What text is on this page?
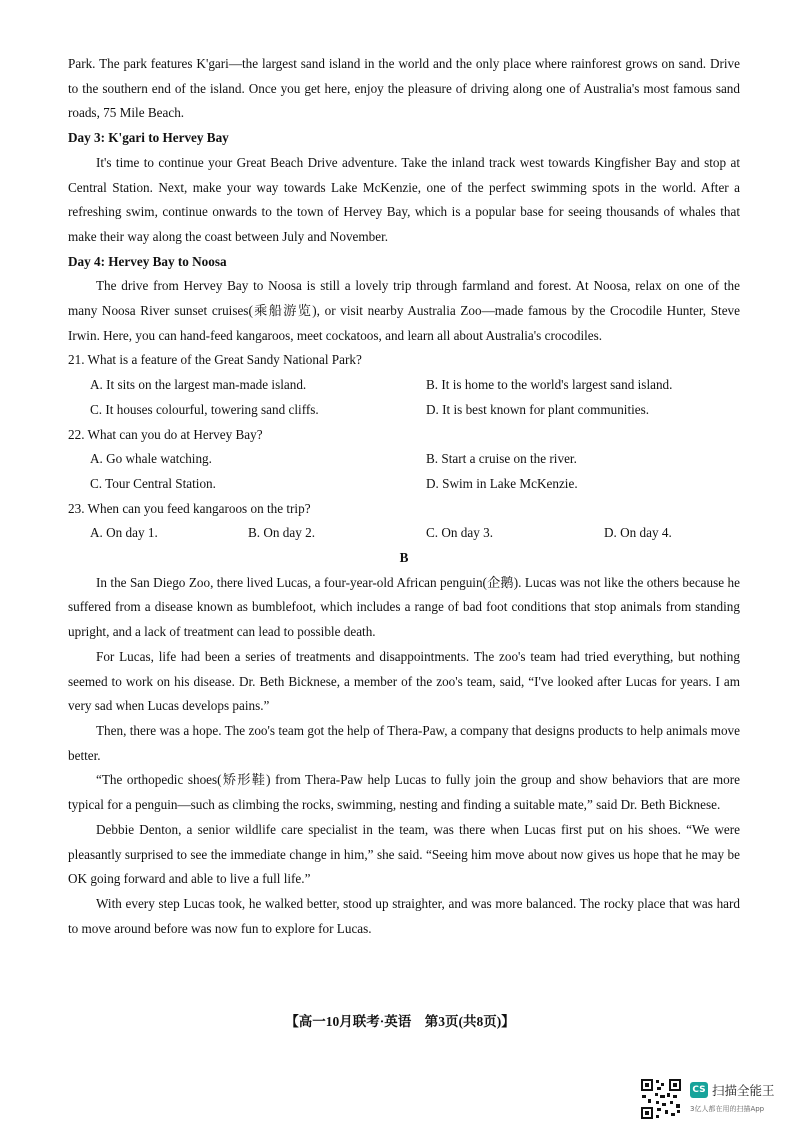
Park. The park features K'gari—the largest sand island in the world and the only place where rainforest grows on sand. Drive to the southern end of the island. Once you get here, enjoy the pleasure of driving along one of Australia's most famous sand roads, 75 Mile Beach.

Day 3: K'gari to Hervey Bay

It's time to continue your Great Beach Drive adventure. Take the inland track west towards Kingfisher Bay and stop at Central Station. Next, make your way towards Lake McKenzie, one of the perfect swimming spots in the world. After a refreshing swim, continue onwards to the town of Hervey Bay, which is a popular base for seeing thousands of whales that make their way along the coast between July and November.

Day 4: Hervey Bay to Noosa

The drive from Hervey Bay to Noosa is still a lovely trip through farmland and forest. At Noosa, relax on one of the many Noosa River sunset cruises(乘船游览), or visit nearby Australia Zoo—made famous by the Crocodile Hunter, Steve Irwin. Here, you can hand-feed kangaroos, meet cockatoos, and learn all about Australia's crocodiles.

21. What is a feature of the Great Sandy National Park?
A. It sits on the largest man-made island.	B. It is home to the world's largest sand island.
C. It houses colourful, towering sand cliffs.	D. It is best known for plant communities.
22. What can you do at Hervey Bay?
A. Go whale watching.	B. Start a cruise on the river.
C. Tour Central Station.	D. Swim in Lake McKenzie.
23. When can you feed kangaroos on the trip?
A. On day 1.	B. On day 2.	C. On day 3.	D. On day 4.
B

In the San Diego Zoo, there lived Lucas, a four-year-old African penguin(企鹅). Lucas was not like the others because he suffered from a disease known as bumblefoot, which includes a range of bad foot conditions that stop animals from standing upright, and a lack of treatment can lead to possible death.

For Lucas, life had been a series of treatments and disappointments. The zoo's team had tried everything, but nothing seemed to work on his disease. Dr. Beth Bicknese, a member of the zoo's team, said, “I've looked after Lucas for years. I am very sad when Lucas develops pains.”

Then, there was a hope. The zoo's team got the help of Thera-Paw, a company that designs products to help animals move better.

“The orthopedic shoes(矫形鞋) from Thera-Paw help Lucas to fully join the group and show behaviors that are more typical for a penguin—such as climbing the rocks, swimming, nesting and finding a suitable mate,” said Dr. Beth Bicknese.

Debbie Denton, a senior wildlife care specialist in the team, was there when Lucas first put on his shoes. “We were pleasantly surprised to see the immediate change in him,” she said. “Seeing him move about now gives us hope that he may be OK going forward and able to live a full life.”

With every step Lucas took, he walked better, stood up straighter, and was more balanced. The rocky place that was hard to move around before was now fun to explore for Lucas.

【高一10月联考·英语　第3页(共8页)】
CS 扫描全能王
3亿人都在用的扫描App
